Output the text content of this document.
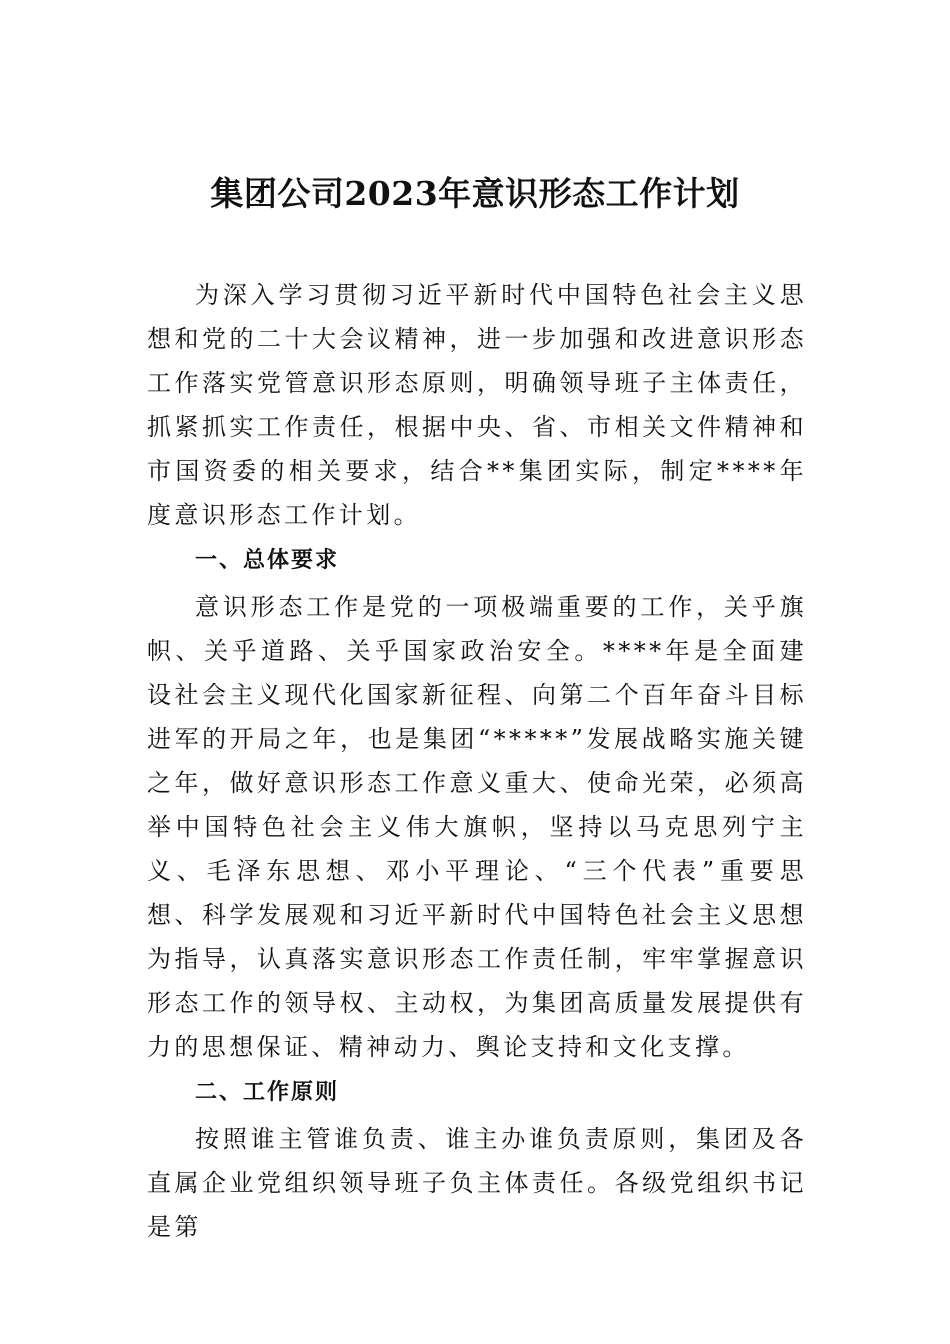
集团公司2023年意识形态工作计划

为深入学习贯彻习近平新时代中国特色社会主义思想和党的二十大会议精神，进一步加强和改进意识形态工作落实党管意识形态原则，明确领导班子主体责任，抓紧抓实工作责任，根据中央、省、市相关文件精神和市国资委的相关要求，结合**集团实际，制定****年度意识形态工作计划。

一、总体要求

意识形态工作是党的一项极端重要的工作，关乎旗帜、关乎道路、关乎国家政治安全。****年是全面建设社会主义现代化国家新征程、向第二个百年奋斗目标进军的开局之年，也是集团“*****”发展战略实施关键之年，做好意识形态工作意义重大、使命光荣，必须高举中国特色社会主义伟大旗帜，坚持以马克思列宁主义、毛泽东思想、邓小平理论、“三个代表”重要思想、科学发展观和习近平新时代中国特色社会主义思想为指导，认真落实意识形态工作责任制，牢牢掌握意识形态工作的领导权、主动权，为集团高质量发展提供有力的思想保证、精神动力、舆论支持和文化支撑。

二、工作原则

按照谁主管谁负责、谁主办谁负责原则，集团及各直属企业党组织领导班子负主体责任。各级党组织书记是第
